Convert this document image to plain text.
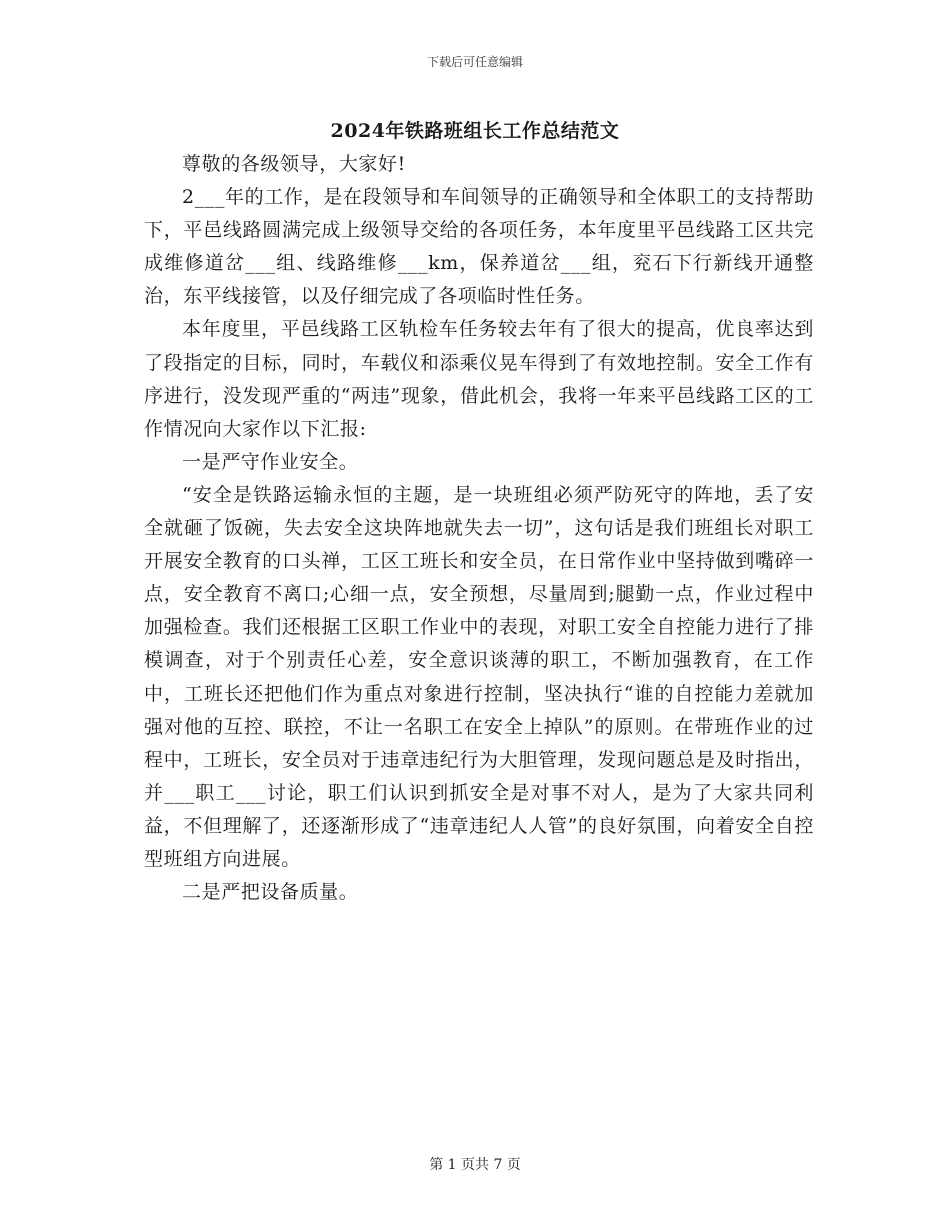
下载后可任意编辑
2024年铁路班组长工作总结范文

尊敬的各级领导，大家好!

2___年的工作，是在段领导和车间领导的正确领导和全体职工的支持帮助下，平邑线路圆满完成上级领导交给的各项任务，本年度里平邑线路工区共完成维修道岔___组、线路维修___km，保养道岔___组，兖石下行新线开通整治，东平线接管，以及仔细完成了各项临时性任务。

本年度里，平邑线路工区轨检车任务较去年有了很大的提高，优良率达到了段指定的目标，同时，车载仪和添乘仪晃车得到了有效地控制。安全工作有序进行，没发现严重的“两违”现象，借此机会，我将一年来平邑线路工区的工作情况向大家作以下汇报:

一是严守作业安全。

“安全是铁路运输永恒的主题，是一块班组必须严防死守的阵地，丢了安全就砸了饭碗，失去安全这块阵地就失去一切”，这句话是我们班组长对职工开展安全教育的口头禅，工区工班长和安全员，在日常作业中坚持做到嘴碎一点，安全教育不离口;心细一点，安全预想，尽量周到;腿勤一点，作业过程中加强检查。我们还根据工区职工作业中的表现，对职工安全自控能力进行了排模调查，对于个别责任心差，安全意识谈薄的职工，不断加强教育，在工作中，工班长还把他们作为重点对象进行控制，坚决执行“谁的自控能力差就加强对他的互控、联控，不让一名职工在安全上掉队”的原则。在带班作业的过程中，工班长，安全员对于违章违纪行为大胆管理，发现问题总是及时指出，并___职工___讨论，职工们认识到抓安全是对事不对人，是为了大家共同利益，不但理解了，还逐渐形成了“违章违纪人人管”的良好氛围，向着安全自控型班组方向进展。

二是严把设备质量。

第 1 页共 7 页
